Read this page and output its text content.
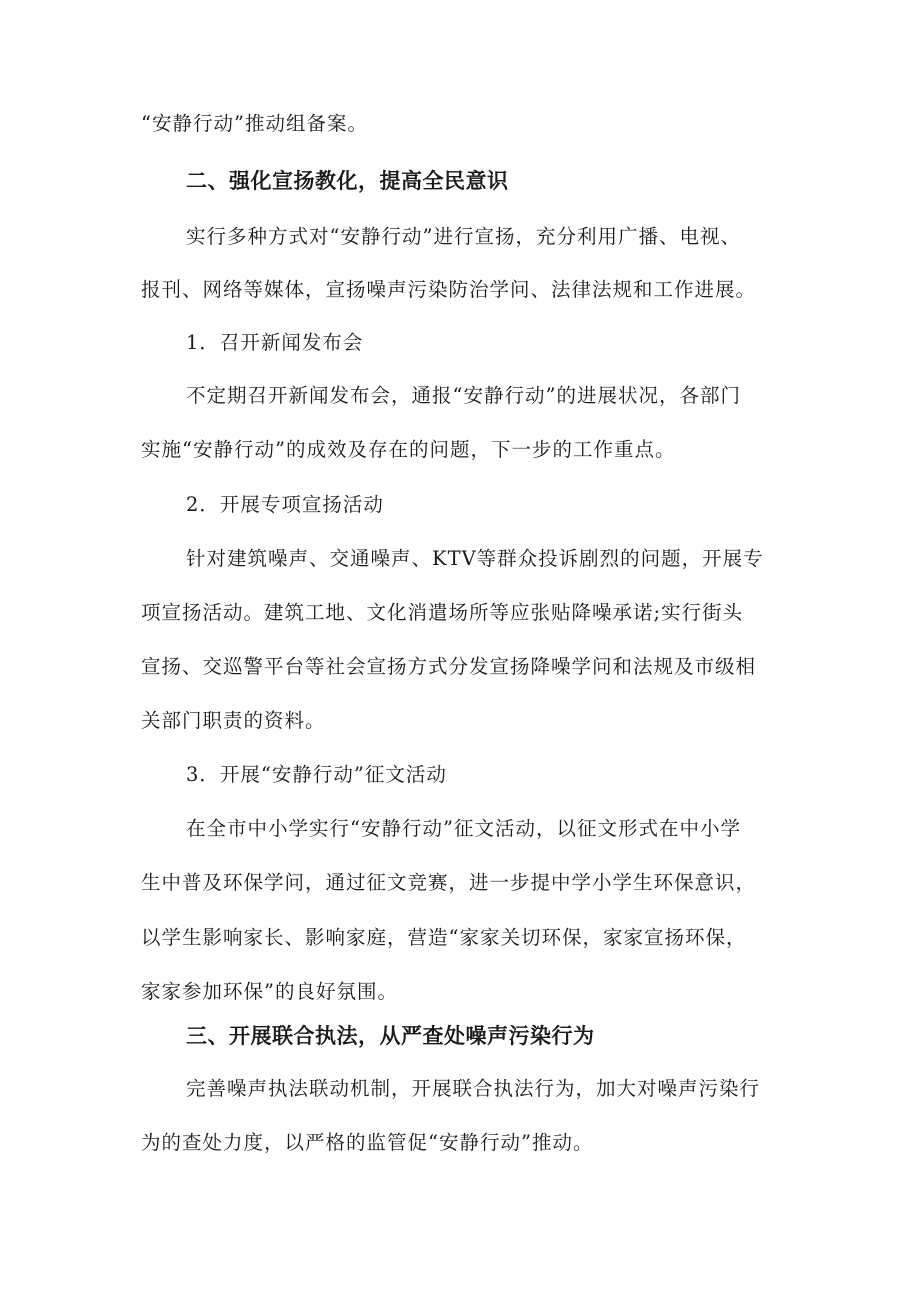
“安静行动”推动组备案。
二、强化宣扬教化，提高全民意识
实行多种方式对“安静行动”进行宣扬，充分利用广播、电视、
报刊、网络等媒体，宣扬噪声污染防治学问、法律法规和工作进展。
1．召开新闻发布会
不定期召开新闻发布会，通报“安静行动”的进展状况，各部门
实施“安静行动”的成效及存在的问题，下一步的工作重点。
2．开展专项宣扬活动
针对建筑噪声、交通噪声、KTV等群众投诉剧烈的问题，开展专
项宣扬活动。建筑工地、文化消遣场所等应张贴降噪承诺;实行街头
宣扬、交巡警平台等社会宣扬方式分发宣扬降噪学问和法规及市级相
关部门职责的资料。
3．开展“安静行动”征文活动
在全市中小学实行“安静行动”征文活动，以征文形式在中小学
生中普及环保学问，通过征文竞赛，进一步提中学小学生环保意识，
以学生影响家长、影响家庭，营造“家家关切环保，家家宣扬环保，
家家参加环保”的良好氛围。
三、开展联合执法，从严查处噪声污染行为
完善噪声执法联动机制，开展联合执法行为，加大对噪声污染行
为的查处力度，以严格的监管促“安静行动”推动。
